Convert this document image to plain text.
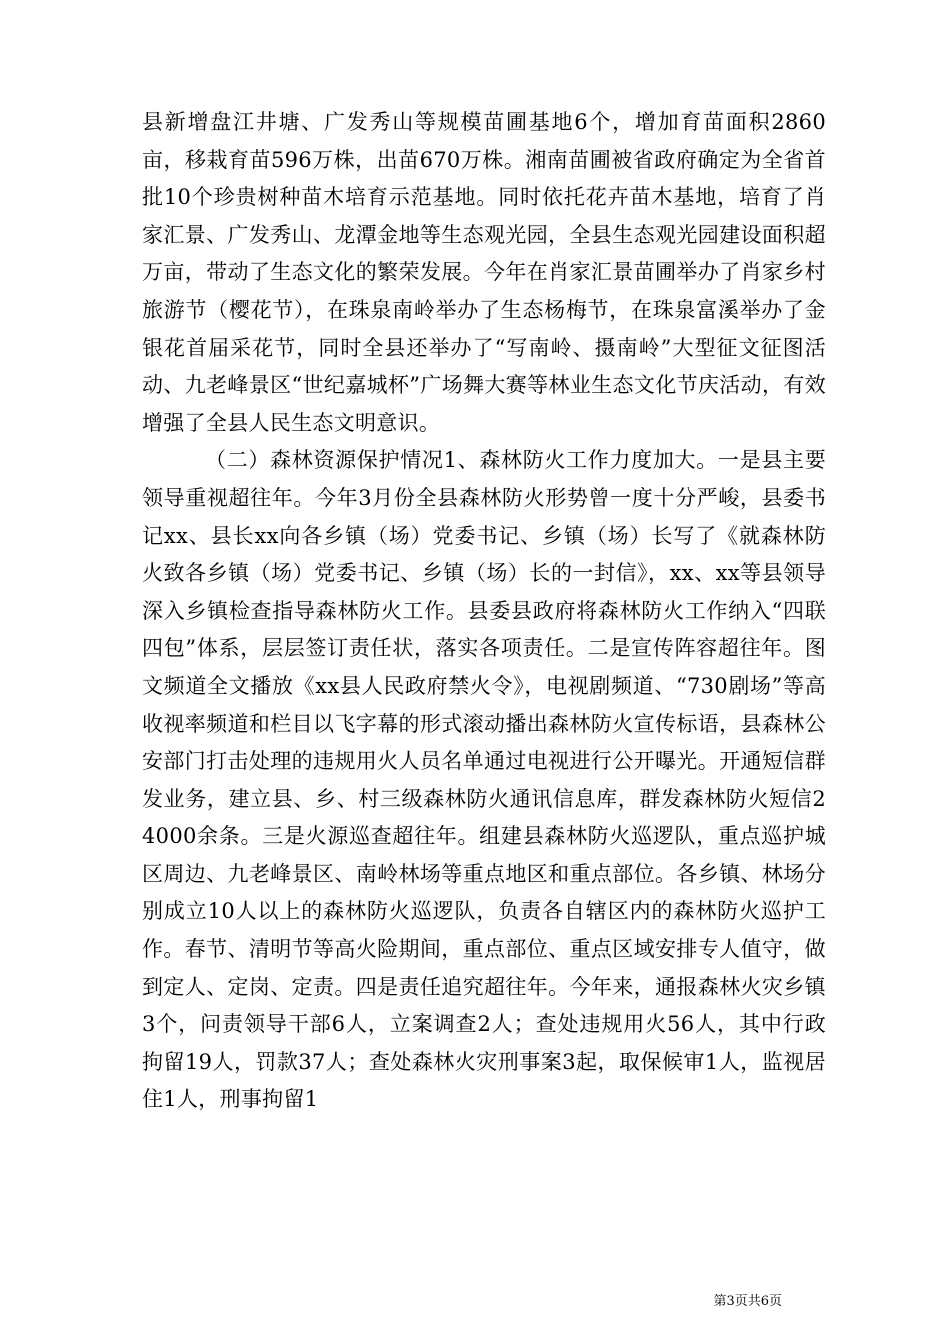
县新增盘江井塘、广发秀山等规模苗圃基地6个，增加育苗面积2860亩，移栽育苗596万株，出苗670万株。湘南苗圃被省政府确定为全省首批10个珍贵树种苗木培育示范基地。同时依托花卉苗木基地，培育了肖家汇景、广发秀山、龙潭金地等生态观光园，全县生态观光园建设面积超万亩，带动了生态文化的繁荣发展。今年在肖家汇景苗圃举办了肖家乡村旅游节（樱花节），在珠泉南岭举办了生态杨梅节，在珠泉富溪举办了金银花首届采花节，同时全县还举办了“写南岭、摄南岭”大型征文征图活动、九老峰景区“世纪嘉城杯”广场舞大赛等林业生态文化节庆活动，有效增强了全县人民生态文明意识。

（二）森林资源保护情况1、森林防火工作力度加大。一是县主要领导重视超往年。今年3月份全县森林防火形势曾一度十分严峻，县委书记xx、县长xx向各乡镇（场）党委书记、乡镇（场）长写了《就森林防火致各乡镇（场）党委书记、乡镇（场）长的一封信》，xx、xx等县领导深入乡镇检查指导森林防火工作。县委县政府将森林防火工作纳入“四联四包”体系，层层签订责任状，落实各项责任。二是宣传阵容超往年。图文频道全文播放《xx县人民政府禁火令》，电视剧频道、“730剧场”等高收视率频道和栏目以飞字幕的形式滚动播出森林防火宣传标语，县森林公安部门打击处理的违规用火人员名单通过电视进行公开曝光。开通短信群发业务，建立县、乡、村三级森林防火通讯信息库，群发森林防火短信24000余条。三是火源巡查超往年。组建县森林防火巡逻队，重点巡护城区周边、九老峰景区、南岭林场等重点地区和重点部位。各乡镇、林场分别成立10人以上的森林防火巡逻队，负责各自辖区内的森林防火巡护工作。春节、清明节等高火险期间，重点部位、重点区域安排专人值守，做到定人、定岗、定责。四是责任追究超往年。今年来，通报森林火灾乡镇3个，问责领导干部6人，立案调查2人；查处违规用火56人，其中行政拘留19人，罚款37人；查处森林火灾刑事案3起，取保候审1人，监视居住1人，刑事拘留1

第3页共6页
